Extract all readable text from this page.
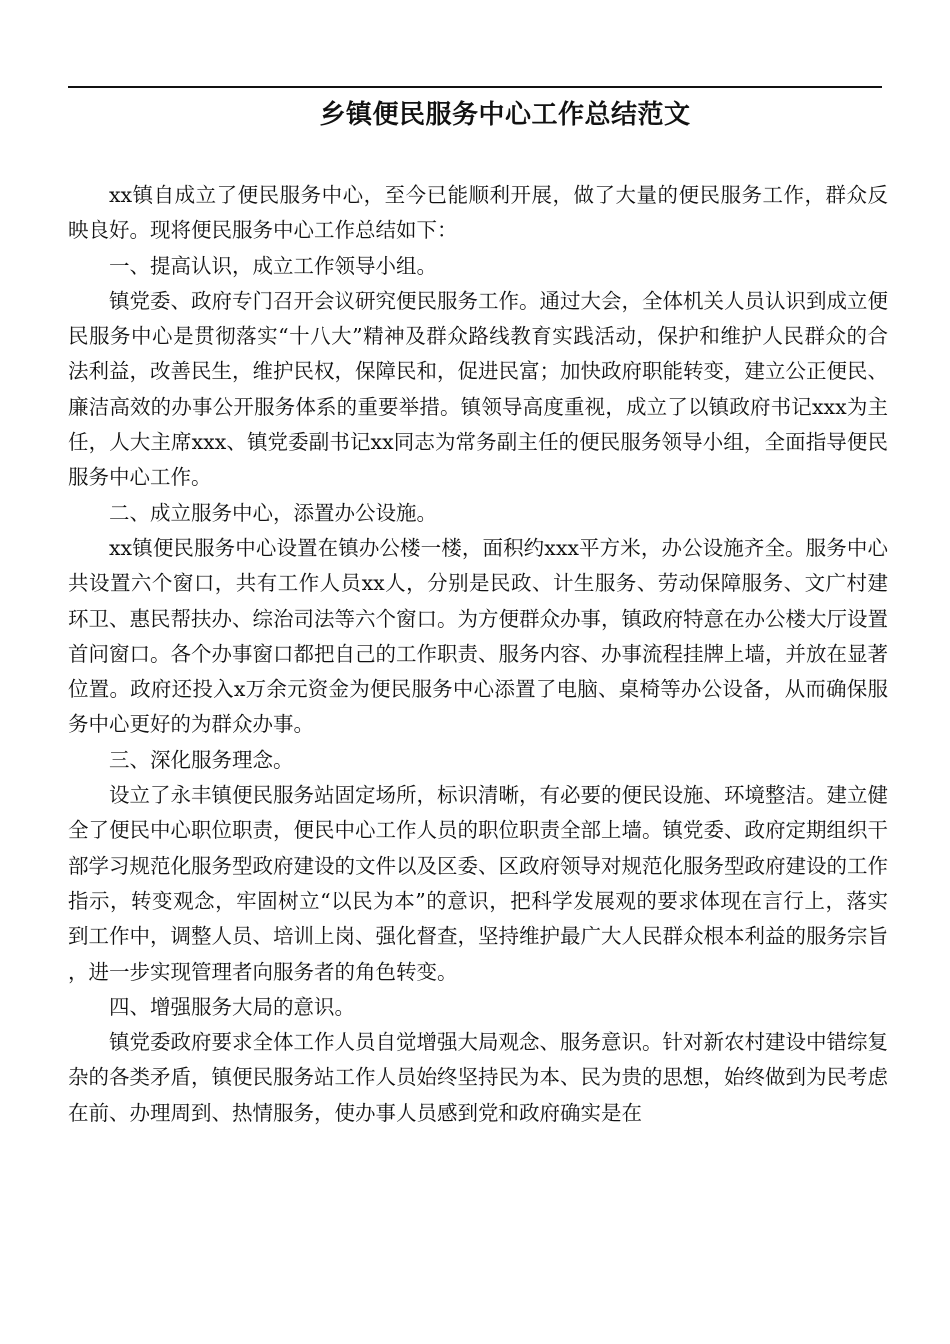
乡镇便民服务中心工作总结范文

xx镇自成立了便民服务中心，至今已能顺利开展，做了大量的便民服务工作，群众反映良好。现将便民服务中心工作总结如下：

一、提高认识，成立工作领导小组。

镇党委、政府专门召开会议研究便民服务工作。通过大会，全体机关人员认识到成立便民服务中心是贯彻落实“十八大”精神及群众路线教育实践活动，保护和维护人民群众的合法利益，改善民生，维护民权，保障民和，促进民富；加快政府职能转变，建立公正便民、廉洁高效的办事公开服务体系的重要举措。镇领导高度重视，成立了以镇政府书记xxx为主任，人大主席xxx、镇党委副书记xx同志为常务副主任的便民服务领导小组，全面指导便民服务中心工作。

二、成立服务中心，添置办公设施。

xx镇便民服务中心设置在镇办公楼一楼，面积约xxx平方米，办公设施齐全。服务中心共设置六个窗口，共有工作人员xx人，分别是民政、计生服务、劳动保障服务、文广村建环卫、惠民帮扶办、综治司法等六个窗口。为方便群众办事，镇政府特意在办公楼大厅设置首问窗口。各个办事窗口都把自己的工作职责、服务内容、办事流程挂牌上墙，并放在显著位置。政府还投入x万余元资金为便民服务中心添置了电脑、桌椅等办公设备，从而确保服务中心更好的为群众办事。

三、深化服务理念。

设立了永丰镇便民服务站固定场所，标识清晰，有必要的便民设施、环境整洁。建立健全了便民中心职位职责，便民中心工作人员的职位职责全部上墙。镇党委、政府定期组织干部学习规范化服务型政府建设的文件以及区委、区政府领导对规范化服务型政府建设的工作指示，转变观念，牢固树立“以民为本”的意识，把科学发展观的要求体现在言行上，落实到工作中，调整人员、培训上岗、强化督查，坚持维护最广大人民群众根本利益的服务宗旨，进一步实现管理者向服务者的角色转变。

四、增强服务大局的意识。

镇党委政府要求全体工作人员自觉增强大局观念、服务意识。针对新农村建设中错综复杂的各类矛盾，镇便民服务站工作人员始终坚持民为本、民为贵的思想，始终做到为民考虑在前、办理周到、热情服务，使办事人员感到党和政府确实是在
